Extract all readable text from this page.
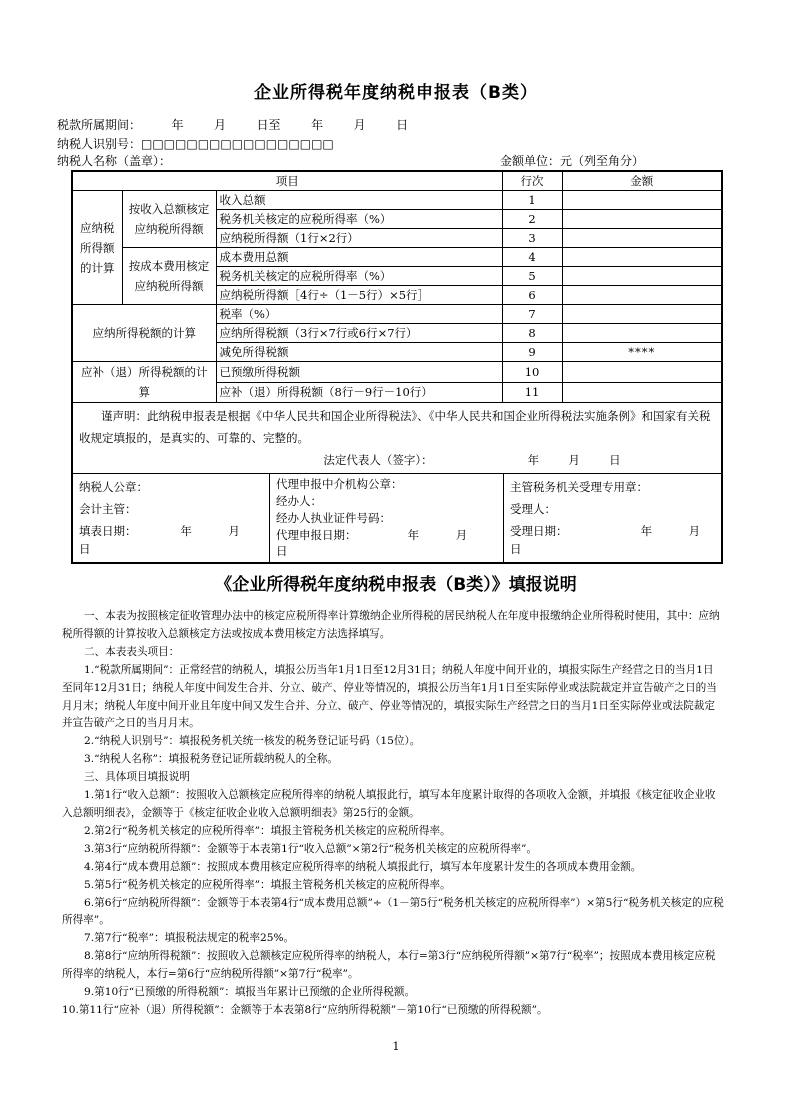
企业所得税年度纳税申报表（B类）
税款所属期间：        年        月        日至        年        月        日
纳税人识别号：□□□□□□□□□□□□□□□□□
纳税人名称（盖章）：	金额单位：元（列至角分）
项目	行次	金额
应纳税所得额的计算	按收入总额核定应纳税所得额	收入总额	1	
税务机关核定的应税所得率（%）	2	
应纳税所得额（1行×2行）	3	
按成本费用核定应纳税所得额	成本费用总额	4	
税务机关核定的应税所得率（%）	5	
应纳税所得额［4行÷（1－5行）×5行］	6	
应纳所得税额的计算	税率（%）	7	
应纳所得税额（3行×7行或6行×7行）	8	
减免所得税额	9	****
应补（退）所得税额的计算	已预缴所得税额	10	
应补（退）所得税额（8行－9行－10行）	11	

谨声明：此纳税申报表是根据《中华人民共和国企业所得税法》、《中华人民共和国企业所得税法实施条例》和国家有关税收规定填报的，是真实的、可靠的、完整的。
法定代表人（签字）：                          年        月        日

纳税人公章：
会计主管：
填表日期：            年          月
日

代理申报中介机构公章：
经办人：
经办人执业证件号码：
代理申报日期：              年          月
日

主管税务机关受理专用章：
受理人：
受理日期：                    年          月
日
《企业所得税年度纳税申报表（B类）》填报说明

一、本表为按照核定征收管理办法中的核定应税所得率计算缴纳企业所得税的居民纳税人在年度申报缴纳企业所得税时使用，其中：应纳税所得额的计算按收入总额核定方法或按成本费用核定方法选择填写。

二、本表表头项目：

1.“税款所属期间”：正常经营的纳税人，填报公历当年1月1日至12月31日；纳税人年度中间开业的，填报实际生产经营之日的当月1日至同年12月31日；纳税人年度中间发生合并、分立、破产、停业等情况的，填报公历当年1月1日至实际停业或法院裁定并宣告破产之日的当月月末；纳税人年度中间开业且年度中间又发生合并、分立、破产、停业等情况的，填报实际生产经营之日的当月1日至实际停业或法院裁定并宣告破产之日的当月月末。

2.“纳税人识别号”：填报税务机关统一核发的税务登记证号码（15位）。

3.“纳税人名称”：填报税务登记证所载纳税人的全称。

三、具体项目填报说明

1.第1行“收入总额”：按照收入总额核定应税所得率的纳税人填报此行，填写本年度累计取得的各项收入金额，并填报《核定征收企业收入总额明细表》，金额等于《核定征收企业收入总额明细表》第25行的金额。

2.第2行“税务机关核定的应税所得率”：填报主管税务机关核定的应税所得率。

3.第3行“应纳税所得额”：金额等于本表第1行“收入总额”×第2行“税务机关核定的应税所得率”。

4.第4行“成本费用总额”：按照成本费用核定应税所得率的纳税人填报此行，填写本年度累计发生的各项成本费用金额。

5.第5行“税务机关核定的应税所得率”：填报主管税务机关核定的应税所得率。

6.第6行“应纳税所得额”：金额等于本表第4行“成本费用总额”÷（1－第5行“税务机关核定的应税所得率”）×第5行“税务机关核定的应税所得率”。

7.第7行“税率”：填报税法规定的税率25%。

8.第8行“应纳所得税额”：按照收入总额核定应税所得率的纳税人，本行=第3行“应纳税所得额”×第7行“税率”；按照成本费用核定应税所得率的纳税人，本行=第6行“应纳税所得额”×第7行“税率”。

9.第10行“已预缴的所得税额”：填报当年累计已预缴的企业所得税额。

10.第11行“应补（退）所得税额”：金额等于本表第8行“应纳所得税额”－第10行“已预缴的所得税额”。

1
